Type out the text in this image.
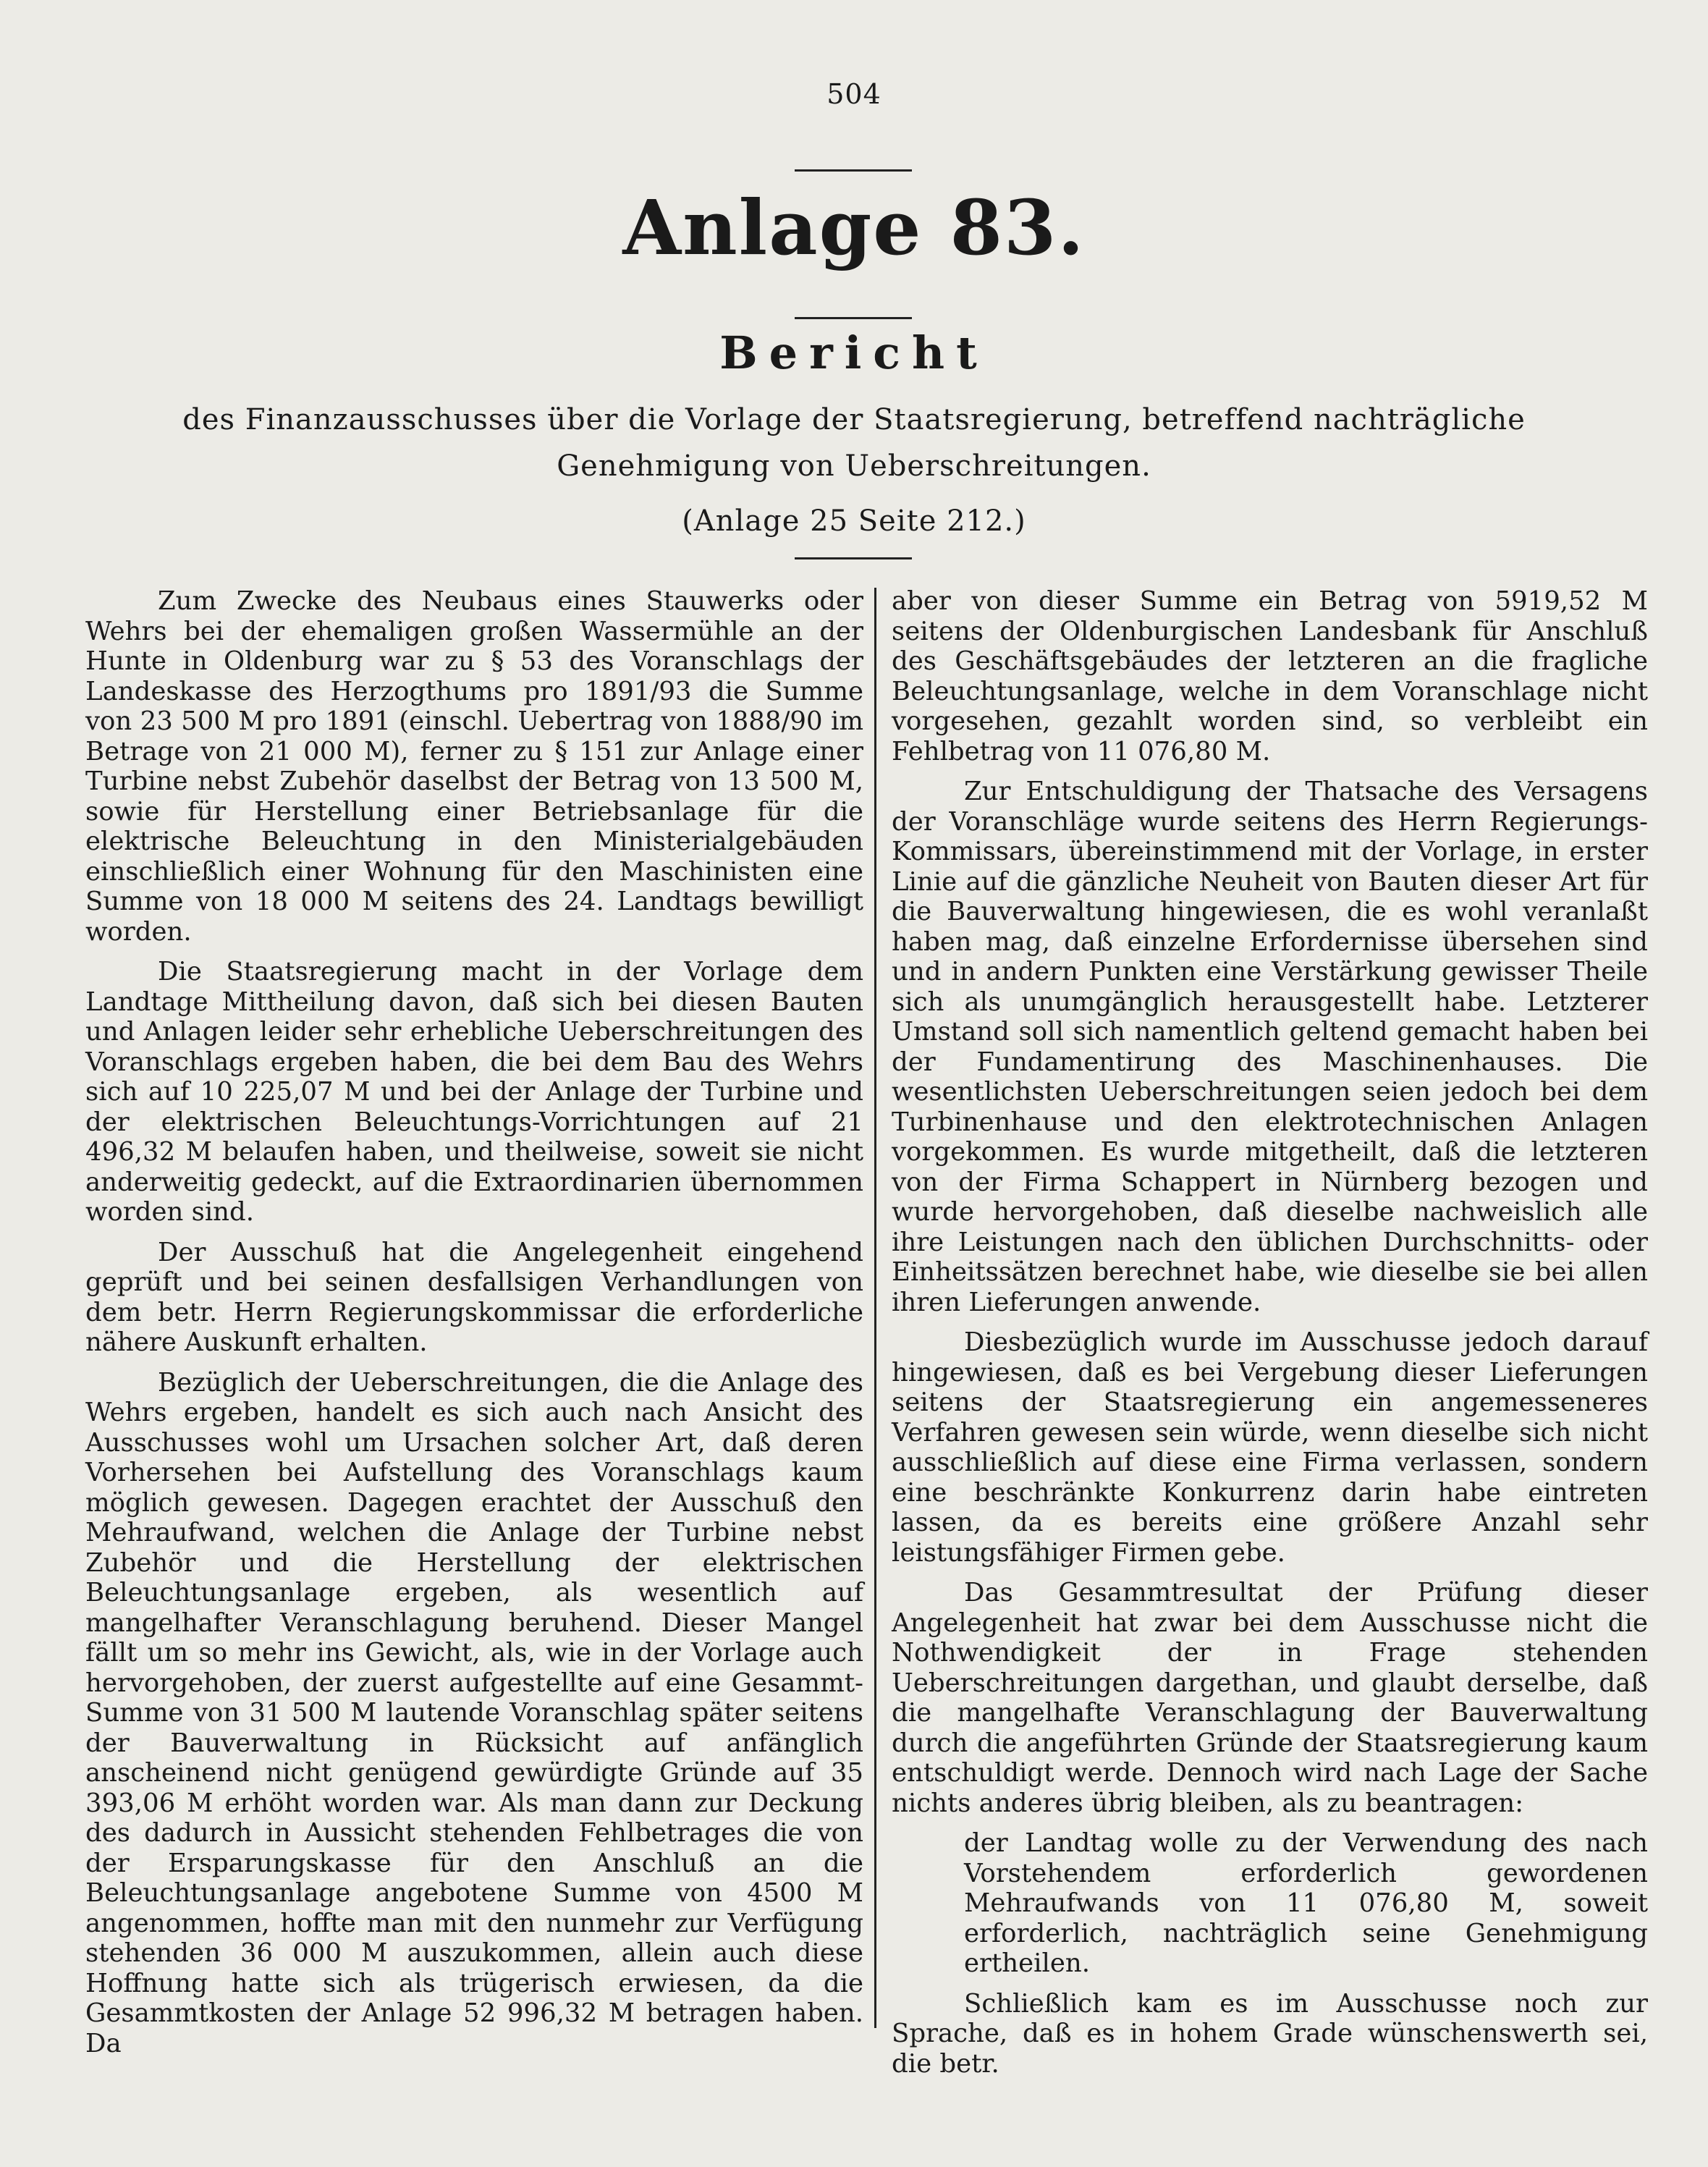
504
Anlage 83.
Bericht
des Finanzausschusses über die Vorlage der Staatsregierung, betreffend nachträgliche
Genehmigung von Ueberschreitungen.
(Anlage 25 Seite 212.)

Zum Zwecke des Neubaus eines Stauwerks oder Wehrs bei der ehemaligen großen Wassermühle an der Hunte in Oldenburg war zu § 53 des Voranschlags der Landeskasse des Herzogthums pro 1891/93 die Summe von 23 500 M pro 1891 (einschl. Uebertrag von 1888/90 im Betrage von 21 000 M), ferner zu § 151 zur Anlage einer Turbine nebst Zubehör daselbst der Betrag von 13 500 M, sowie für Herstellung einer Betriebsanlage für die elektrische Beleuchtung in den Ministerialgebäuden einschließlich einer Wohnung für den Maschinisten eine Summe von 18 000 M seitens des 24. Landtags bewilligt worden.

Die Staatsregierung macht in der Vorlage dem Landtage Mittheilung davon, daß sich bei diesen Bauten und Anlagen leider sehr erhebliche Ueberschreitungen des Voranschlags ergeben haben, die bei dem Bau des Wehrs sich auf 10 225,07 M und bei der Anlage der Turbine und der elektrischen Beleuchtungs-Vorrichtungen auf 21 496,32 M belaufen haben, und theilweise, soweit sie nicht anderweitig gedeckt, auf die Extraordinarien übernommen worden sind.

Der Ausschuß hat die Angelegenheit eingehend geprüft und bei seinen desfallsigen Verhandlungen von dem betr. Herrn Regierungskommissar die erforderliche nähere Auskunft erhalten.

Bezüglich der Ueberschreitungen, die die Anlage des Wehrs ergeben, handelt es sich auch nach Ansicht des Ausschusses wohl um Ursachen solcher Art, daß deren Vorhersehen bei Aufstellung des Voranschlags kaum möglich gewesen. Dagegen erachtet der Ausschuß den Mehraufwand, welchen die Anlage der Turbine nebst Zubehör und die Herstellung der elektrischen Beleuchtungsanlage ergeben, als wesentlich auf mangelhafter Veranschlagung beruhend. Dieser Mangel fällt um so mehr ins Gewicht, als, wie in der Vorlage auch hervorgehoben, der zuerst aufgestellte auf eine Gesammt-Summe von 31 500 M lautende Voranschlag später seitens der Bauverwaltung in Rücksicht auf anfänglich anscheinend nicht genügend gewürdigte Gründe auf 35 393,06 M erhöht worden war. Als man dann zur Deckung des dadurch in Aussicht stehenden Fehlbetrages die von der Ersparungskasse für den Anschluß an die Beleuchtungsanlage angebotene Summe von 4500 M angenommen, hoffte man mit den nunmehr zur Verfügung stehenden 36 000 M auszukommen, allein auch diese Hoffnung hatte sich als trügerisch erwiesen, da die Gesammtkosten der Anlage 52 996,32 M betragen haben. Da

aber von dieser Summe ein Betrag von 5919,52 M seitens der Oldenburgischen Landesbank für Anschluß des Geschäftsgebäudes der letzteren an die fragliche Beleuchtungsanlage, welche in dem Voranschlage nicht vorgesehen, gezahlt worden sind, so verbleibt ein Fehlbetrag von 11 076,80 M.

Zur Entschuldigung der Thatsache des Versagens der Voranschläge wurde seitens des Herrn Regierungs-Kommissars, übereinstimmend mit der Vorlage, in erster Linie auf die gänzliche Neuheit von Bauten dieser Art für die Bauverwaltung hingewiesen, die es wohl veranlaßt haben mag, daß einzelne Erfordernisse übersehen sind und in andern Punkten eine Verstärkung gewisser Theile sich als unumgänglich herausgestellt habe. Letzterer Umstand soll sich namentlich geltend gemacht haben bei der Fundamentirung des Maschinenhauses. Die wesentlichsten Ueberschreitungen seien jedoch bei dem Turbinenhause und den elektrotechnischen Anlagen vorgekommen. Es wurde mitgetheilt, daß die letzteren von der Firma Schappert in Nürnberg bezogen und wurde hervorgehoben, daß dieselbe nachweislich alle ihre Leistungen nach den üblichen Durchschnitts- oder Einheitssätzen berechnet habe, wie dieselbe sie bei allen ihren Lieferungen anwende.

Diesbezüglich wurde im Ausschusse jedoch darauf hingewiesen, daß es bei Vergebung dieser Lieferungen seitens der Staatsregierung ein angemesseneres Verfahren gewesen sein würde, wenn dieselbe sich nicht ausschließlich auf diese eine Firma verlassen, sondern eine beschränkte Konkurrenz darin habe eintreten lassen, da es bereits eine größere Anzahl sehr leistungsfähiger Firmen gebe.

Das Gesammtresultat der Prüfung dieser Angelegenheit hat zwar bei dem Ausschusse nicht die Nothwendigkeit der in Frage stehenden Ueberschreitungen dargethan, und glaubt derselbe, daß die mangelhafte Veranschlagung der Bauverwaltung durch die angeführten Gründe der Staatsregierung kaum entschuldigt werde. Dennoch wird nach Lage der Sache nichts anderes übrig bleiben, als zu beantragen:

der Landtag wolle zu der Verwendung des nach Vorstehendem erforderlich gewordenen Mehraufwands von 11 076,80 M, soweit erforderlich, nachträglich seine Genehmigung ertheilen.

Schließlich kam es im Ausschusse noch zur Sprache, daß es in hohem Grade wünschenswerth sei, die betr.
